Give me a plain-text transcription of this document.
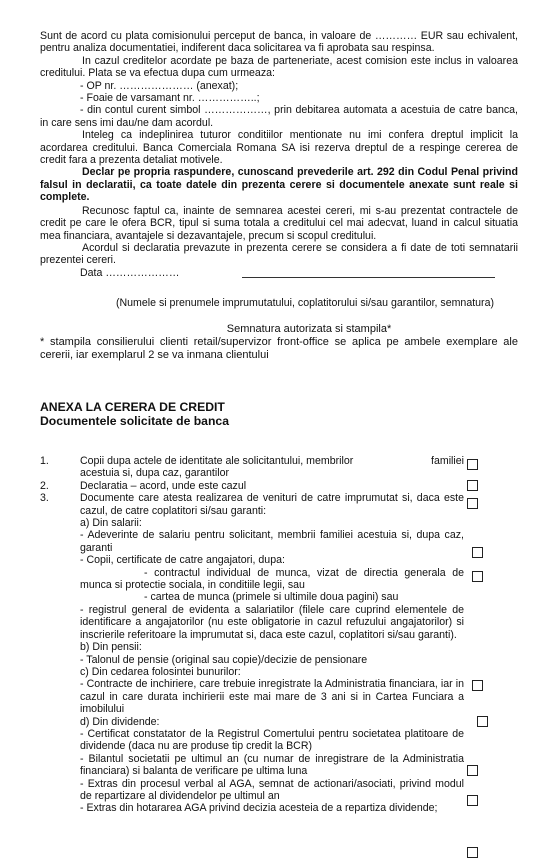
Sunt de acord cu plata comisionului perceput de banca, in valoare de ………… EUR sau echivalent, pentru analiza documentatiei, indiferent daca solicitarea va fi aprobata sau respinsa.

In cazul creditelor acordate pe baza de parteneriate, acest comision este inclus in valoarea creditului. Plata se va efectua dupa cum urmeaza:

- OP nr. ………………… (anexat);

- Foaie de varsamant nr. ……………..;

- din contul curent simbol ………………, prin debitarea automata a acestuia de catre banca, in care sens imi dau/ne dam acordul.

Inteleg ca indeplinirea tuturor conditiilor mentionate nu imi confera dreptul implicit la acordarea creditului. Banca Comerciala Romana SA isi rezerva dreptul de a respinge cererea de credit fara a prezenta detaliat motivele.

Declar pe propria raspundere, cunoscand prevederile art. 292 din Codul Penal privind falsul in declaratii, ca toate datele din prezenta cerere si documentele anexate sunt reale si complete.

Recunosc faptul ca, inainte de semnarea acestei cereri, mi s-au prezentat contractele de credit pe care le ofera BCR, tipul si suma totala a creditului cel mai adecvat, luand in calcul situatia mea financiara, avantajele si dezavantajele, precum si scopul creditului.

Acordul si declaratia prevazute in prezenta cerere se considera a fi date de toti semnatarii prezentei cereri.

Data …………………

(Numele si prenumele imprumutatului, coplatitorului si/sau garantilor, semnatura)

Semnatura autorizata si stampila*

* stampila consilierului clienti retail/supervizor front-office se aplica pe ambele exemplare ale cererii, iar exemplarul 2 se va inmana clientului

ANEXA LA CERERA DE CREDIT
Documentele solicitate de banca
1.	Copii dupa actele de identitate ale solicitantului, membrilor	familiei

acestuia si, dupa caz, garantilor
2.	Declaratia – acord, unde este cazul
3.	Documente care atesta realizarea de venituri de catre imprumutat si, daca este cazul, de catre coplatitori si/sau garanti:
a) Din salarii:
- Adeverinte de salariu pentru solicitant, membrii familiei acestuia si, dupa caz, garanti
- Copii, certificate de catre angajatori, dupa:
- contractul individual de munca, vizat de directia generala de munca si protectie sociala, in conditiile legii, sau
- cartea de munca (primele si ultimile doua pagini) sau
- registrul general de evidenta a salariatilor (filele care cuprind elementele de identificare a angajatorilor (nu este obligatorie in cazul refuzului angajatorilor) si inscrierile referitoare la imprumutat si, daca este cazul, coplatitori si/sau garanti).
b) Din pensii:
- Talonul de pensie (original sau copie)/decizie de pensionare
c) Din cedarea folosintei bunurilor:
- Contracte de inchiriere, care trebuie inregistrate la Administratia financiara, iar in cazul in care durata inchirierii este mai mare de 3 ani si in Cartea Funciara a imobilului
d) Din dividende:
- Certificat constatator de la Registrul Comertului pentru societatea platitoare de dividende (daca nu are produse tip credit la BCR)
- Bilantul societatii pe ultimul an (cu numar de inregistrare de la Administratia financiara) si balanta de verificare pe ultima luna
- Extras din procesul verbal al AGA, semnat de actionari/asociati, privind modul de repartizare al dividendelor pe ultimul an
- Extras din hotararea AGA privind decizia acesteia de a repartiza dividende;
